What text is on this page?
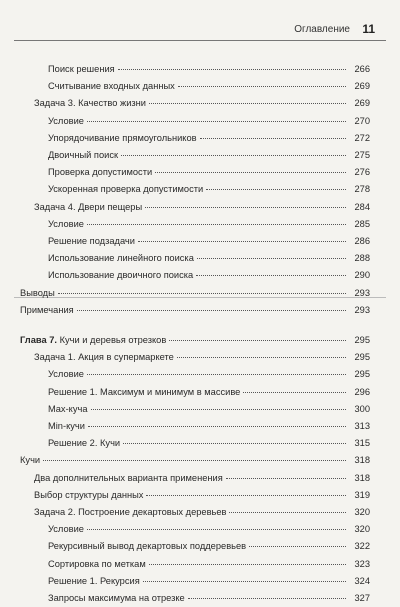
Оглавление 11
Поиск решения	266
Считывание входных данных	269
Задача 3. Качество жизни	269
Условие	270
Упорядочивание прямоугольников	272
Двоичный поиск	275
Проверка допустимости	276
Ускоренная проверка допустимости	278
Задача 4. Двери пещеры	284
Условие	285
Решение подзадачи	286
Использование линейного поиска	288
Использование двоичного поиска	290
Выводы	293
Примечания	293
Глава 7. Кучи и деревья отрезков	295
Задача 1. Акция в супермаркете	295
Условие	295
Решение 1. Максимум и минимум в массиве	296
Max-куча	300
Min-кучи	313
Решение 2. Кучи	315
Кучи	318
Два дополнительных варианта применения	318
Выбор структуры данных	319
Задача 2. Построение декартовых деревьев	320
Условие	320
Рекурсивный вывод декартовых поддеревьев	322
Сортировка по меткам	323
Решение 1. Рекурсия	324
Запросы максимума на отрезке	327
